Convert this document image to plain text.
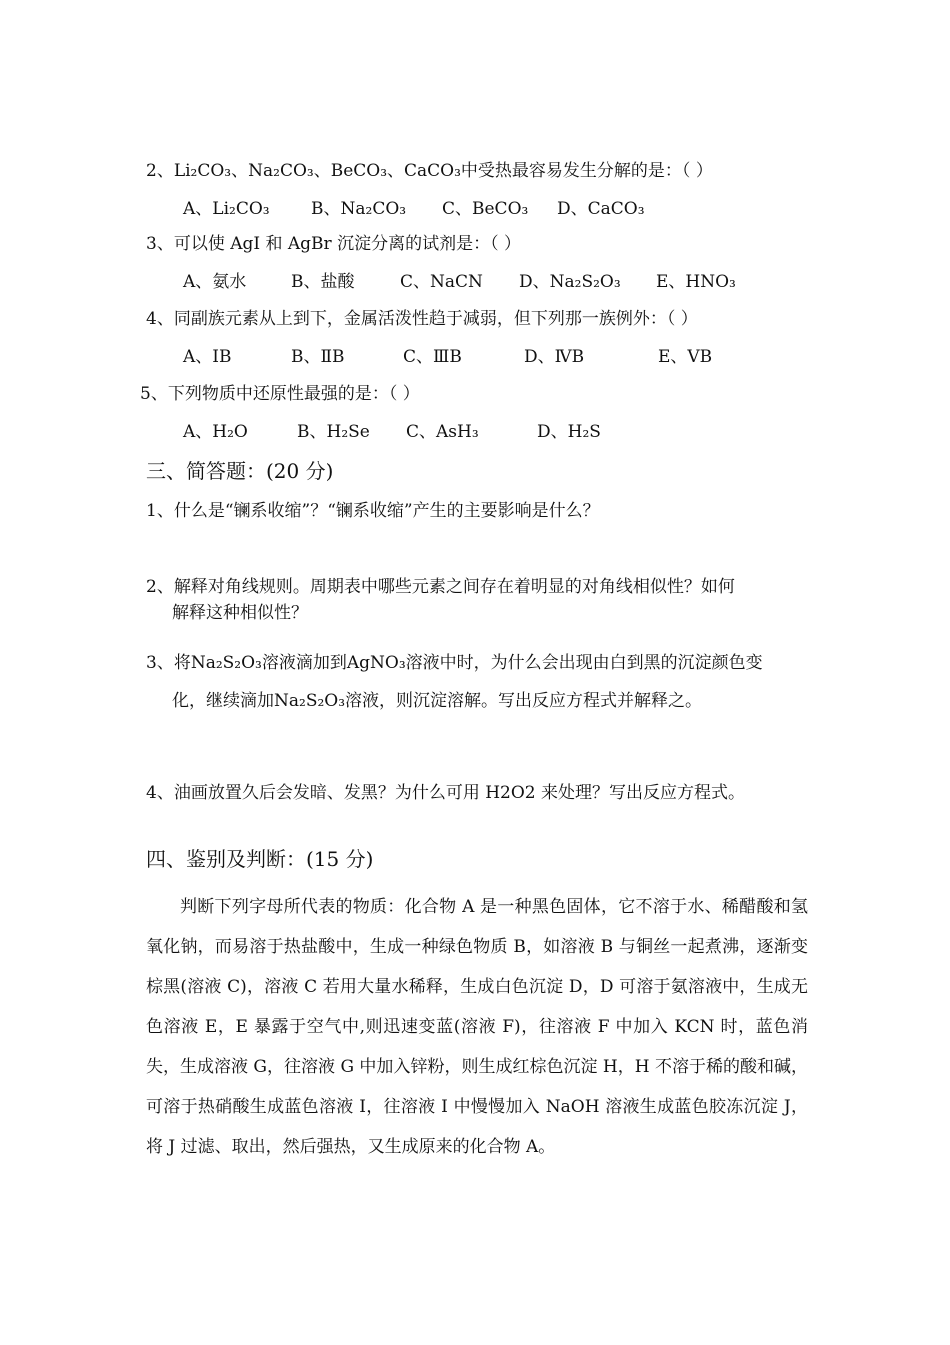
2、Li₂CO₃、Na₂CO₃、BeCO₃、CaCO₃中受热最容易发生分解的是：（ ）
A、Li₂CO₃ B、Na₂CO₃ C、BeCO₃ D、CaCO₃
3、可以使 AgI 和 AgBr 沉淀分离的试剂是：（ ）
A、氨水	B、盐酸	C、NaCN D、Na₂S₂O₃ E、HNO₃
4、同副族元素从上到下，金属活泼性趋于减弱，但下列那一族例外：（ ）
A、IB	B、ⅡB	C、ⅢB	D、ⅣB	E、ⅤB
5、下列物质中还原性最强的是：（ ）
A、H₂O	B、H₂Se C、AsH₃	D、H₂S
三、简答题：(20 分)
1、什么是“镧系收缩”？“镧系收缩”产生的主要影响是什么？
2、解释对角线规则。周期表中哪些元素之间存在着明显的对角线相似性？如何
解释这种相似性？
3、将Na₂S₂O₃溶液滴加到AgNO₃溶液中时，为什么会出现由白到黑的沉淀颜色变
化，继续滴加Na₂S₂O₃溶液，则沉淀溶解。写出反应方程式并解释之。
4、油画放置久后会发暗、发黑？为什么可用 H2O2 来处理？写出反应方程式。
四、鉴别及判断：(15 分)
判断下列字母所代表的物质：化合物 A 是一种黑色固体，它不溶于水、稀醋酸和氢氧化钠，而易溶于热盐酸中，生成一种绿色物质 B，如溶液 B 与铜丝一起煮沸，逐渐变棕黑(溶液 C)，溶液 C 若用大量水稀释，生成白色沉淀 D，D 可溶于氨溶液中，生成无色溶液 E，E 暴露于空气中,则迅速变蓝(溶液 F)，往溶液 F 中加入 KCN 时，蓝色消失，生成溶液 G，往溶液 G 中加入锌粉，则生成红棕色沉淀 H，H 不溶于稀的酸和碱，可溶于热硝酸生成蓝色溶液 I，往溶液 I 中慢慢加入 NaOH 溶液生成蓝色胶冻沉淀 J，将 J 过滤、取出，然后强热，又生成原来的化合物 A。
